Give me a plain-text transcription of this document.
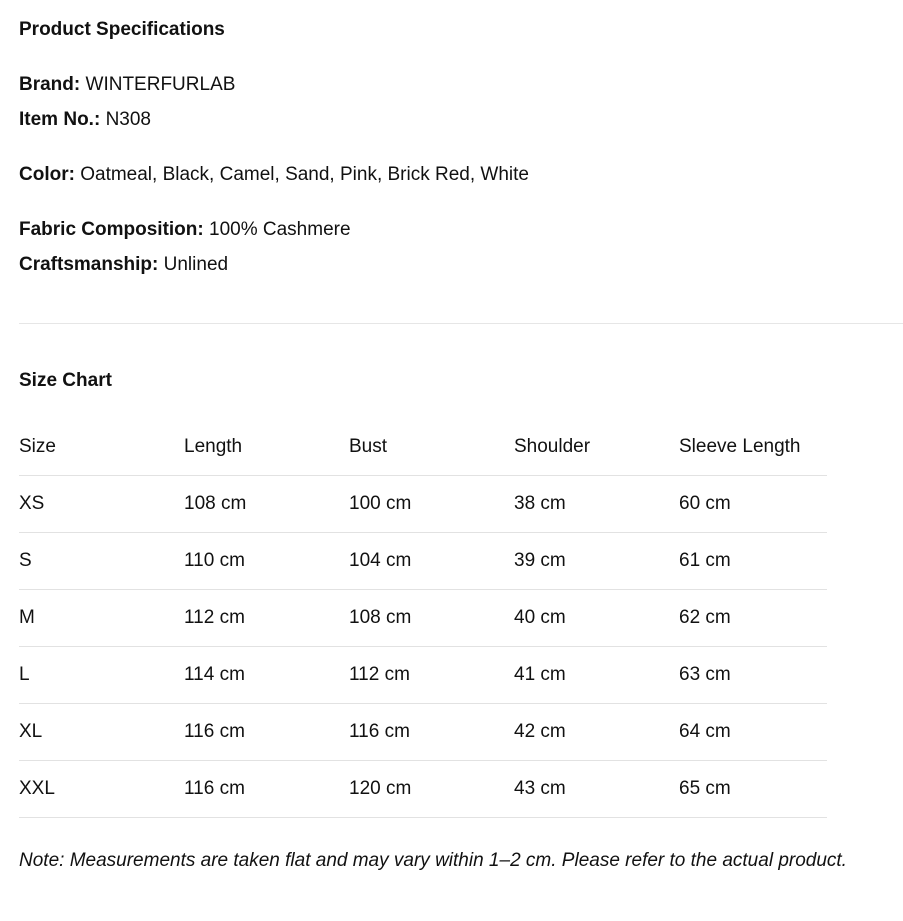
Product Specifications
Brand: WINTERFURLAB
Item No.: N308
Color: Oatmeal, Black, Camel, Sand, Pink, Brick Red, White
Fabric Composition: 100% Cashmere
Craftsmanship: Unlined
Size Chart
Size	Length	Bust	Shoulder	Sleeve Length
XS	108 cm	100 cm	38 cm	60 cm
S	110 cm	104 cm	39 cm	61 cm
M	112 cm	108 cm	40 cm	62 cm
L	114 cm	112 cm	41 cm	63 cm
XL	116 cm	116 cm	42 cm	64 cm
XXL	116 cm	120 cm	43 cm	65 cm

Note: Measurements are taken flat and may vary within 1–2 cm. Please refer to the actual product.
